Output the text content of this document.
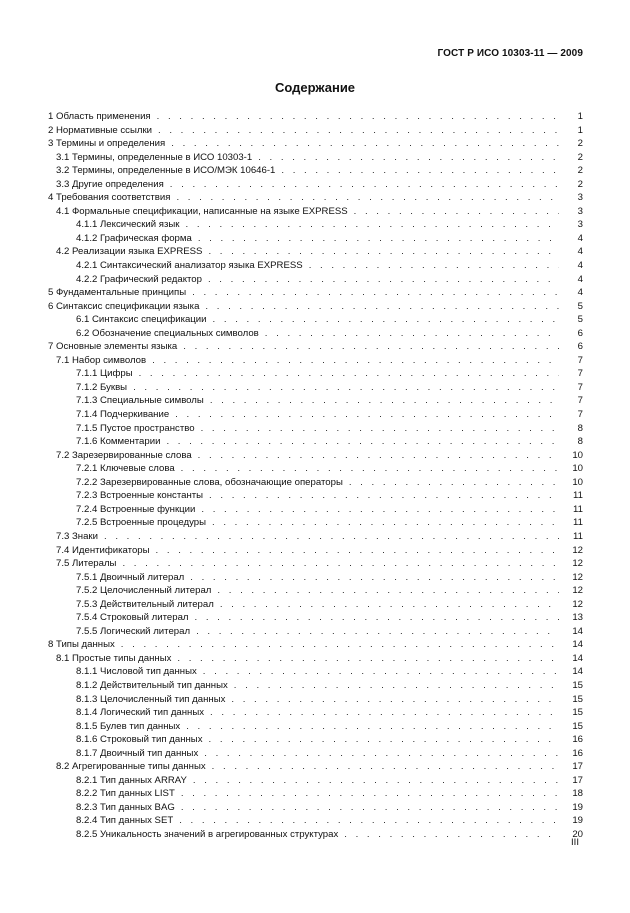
ГОСТ Р ИСО 10303-11 — 2009
Содержание
1 Область применения . . .	1
2 Нормативные ссылки . . .	1
3 Термины и определения . . .	2
3.1 Термины, определенные в ИСО 10303-1 . . .	2
3.2 Термины, определенные в ИСО/МЭК 10646-1 . . .	2
3.3 Другие определения . . .	2
4 Требования соответствия . . .	3
4.1 Формальные спецификации, написанные на языке EXPRESS . . .	3
4.1.1 Лексический язык . . .	3
4.1.2 Графическая форма . . .	4
4.2 Реализации языка EXPRESS . . .	4
4.2.1 Синтаксический анализатор языка EXPRESS . . .	4
4.2.2 Графический редактор . . .	4
5 Фундаментальные принципы . . .	4
6 Синтаксис спецификации языка . . .	5
6.1 Синтаксис спецификации . . .	5
6.2 Обозначение специальных символов . . .	6
7 Основные элементы языка . . .	6
7.1 Набор символов . . .	7
7.1.1 Цифры . . .	7
7.1.2 Буквы . . .	7
7.1.3 Специальные символы . . .	7
7.1.4 Подчеркивание . . .	7
7.1.5 Пустое пространство . . .	8
7.1.6 Комментарии . . .	8
7.2 Зарезервированные слова . . .	10
7.2.1 Ключевые слова . . .	10
7.2.2 Зарезервированные слова, обозначающие операторы . . .	10
7.2.3 Встроенные константы . . .	11
7.2.4 Встроенные функции . . .	11
7.2.5 Встроенные процедуры . . .	11
7.3 Знаки . . .	11
7.4 Идентификаторы . . .	12
7.5 Литералы . . .	12
7.5.1 Двоичный литерал . . .	12
7.5.2 Целочисленный литерал . . .	12
7.5.3 Действительный литерал . . .	12
7.5.4 Строковый литерал . . .	13
7.5.5 Логический литерал . . .	14
8 Типы данных . . .	14
8.1 Простые типы данных . . .	14
8.1.1 Числовой тип данных . . .	14
8.1.2 Действительный тип данных . . .	15
8.1.3 Целочисленный тип данных . . .	15
8.1.4 Логический тип данных . . .	15
8.1.5 Булев тип данных . . .	15
8.1.6 Строковый тип данных . . .	16
8.1.7 Двоичный тип данных . . .	16
8.2 Агрегированные типы данных . . .	17
8.2.1 Тип данных ARRAY . . .	17
8.2.2 Тип данных LIST . . .	18
8.2.3 Тип данных BAG . . .	19
8.2.4 Тип данных SET . . .	19
8.2.5 Уникальность значений в агрегированных структурах . . .	20
III
